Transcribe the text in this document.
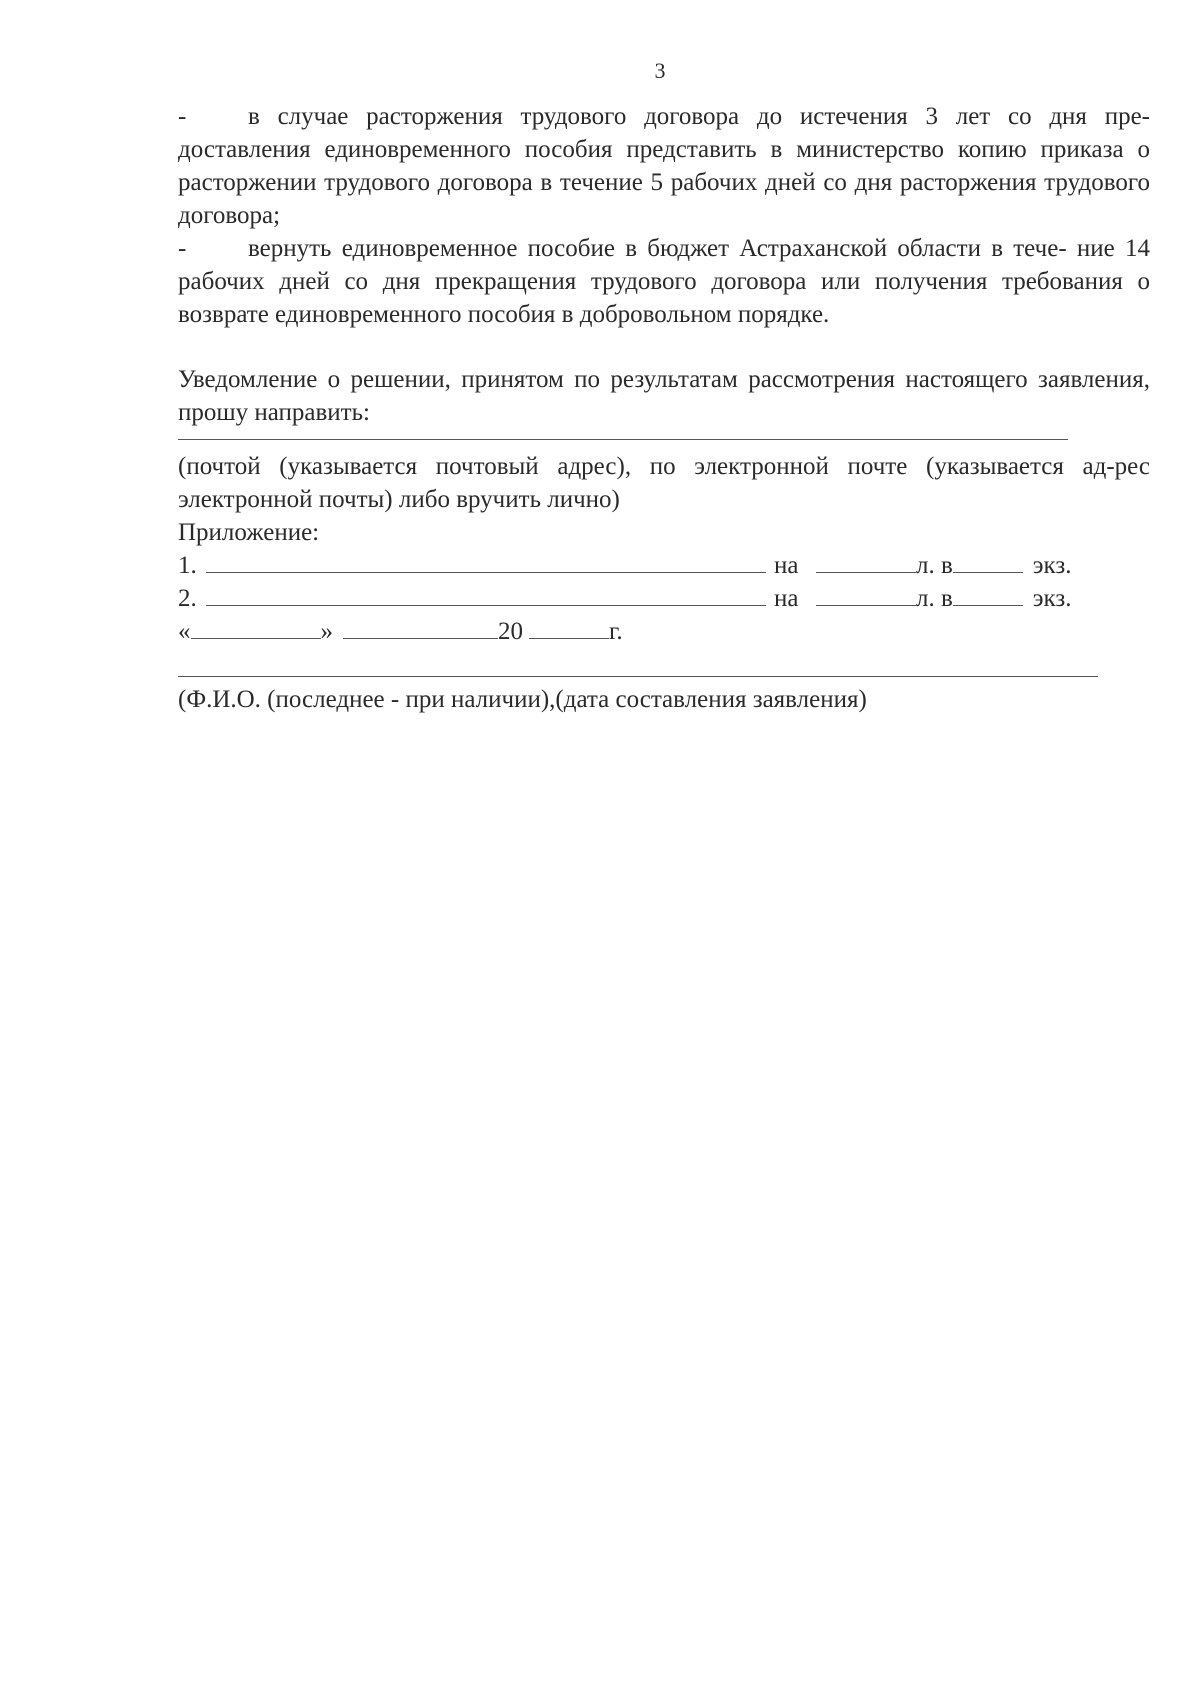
3

- в случае расторжения трудового договора до истечения 3 лет со дня пре- доставления единовременного пособия представить в министерство копию приказа о расторжении трудового договора в течение 5 рабочих дней со дня расторжения трудового договора;

- вернуть единовременное пособие в бюджет Астраханской области в тече- ние 14 рабочих дней со дня прекращения трудового договора или получения требования о возврате единовременного пособия в добровольном порядке.

Уведомление о решении, принятом по результатам рассмотрения настоящего заявления, прошу направить:

(почтой (указывается почтовый адрес), по электронной почте (указывается ад-рес электронной почты) либо вручить лично)

Приложение:
1.	на	л. в	экз.
2.	на	л. в	экз.
«	»	20	г.
(Ф.И.О. (последнее - при наличии),(дата составления заявления)
